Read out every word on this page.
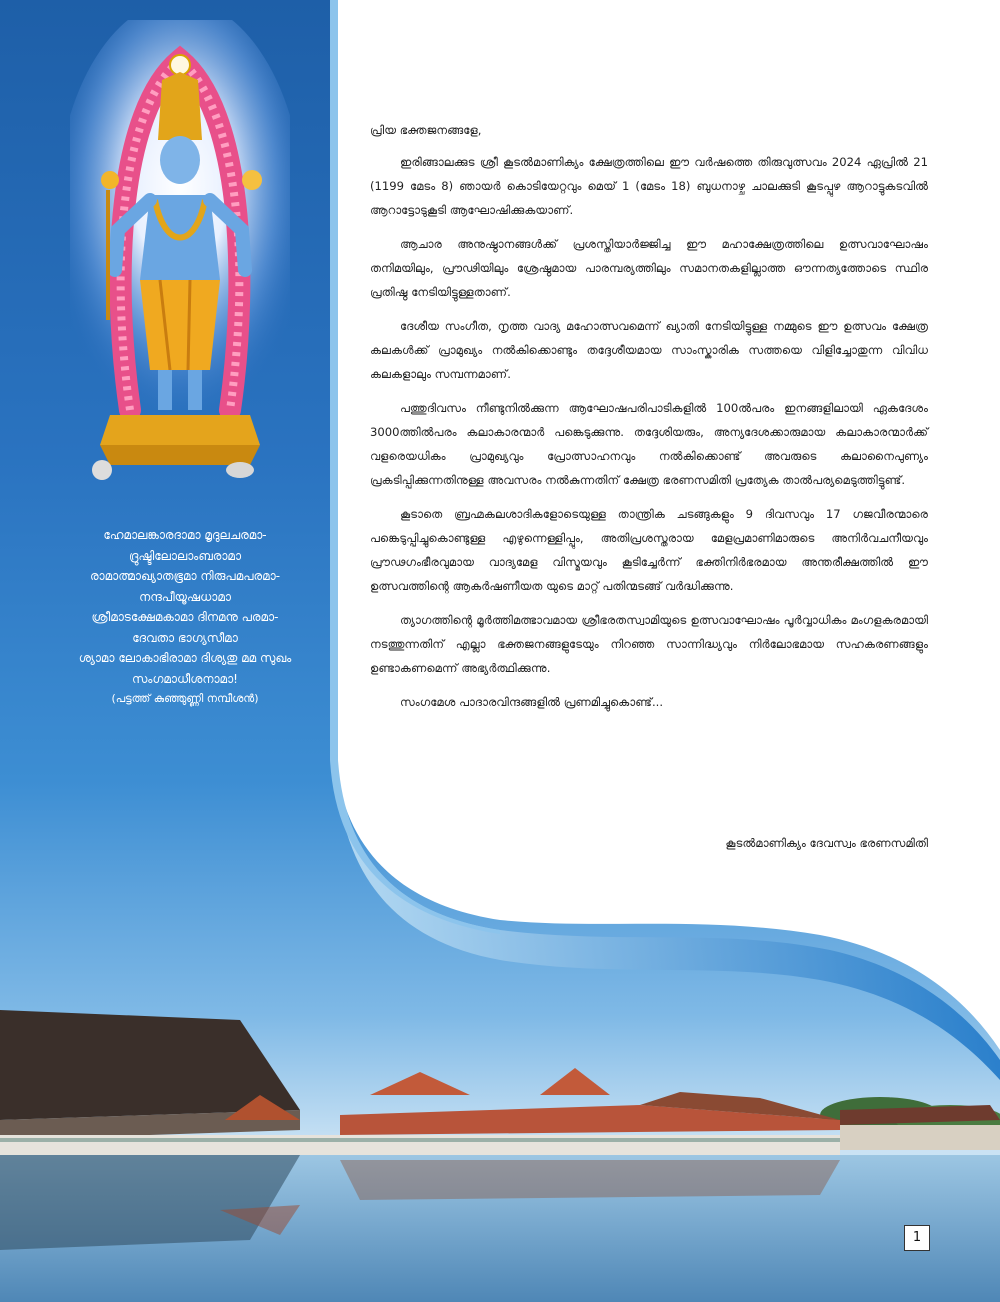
ഹേമാലങ്കാരദാമാ മൃദുലചരമാ-
ദ്രുഷ്ടിലോലാംബരാമാ
രാമാത്മാഖ്യാതഭൂമാ നിരുപമപരമാ-
നന്ദപീയൂഷധാമാ
ശ്രീമാടക്ഷേമകാമാ ദിനമനു പരമാ-
ദേവതാ ഭാഗ്യസീമാ
ശ്യാമാ ലോകാഭിരാമാ ദിശ്യതു മമ സുഖം
സംഗമാധീശനാമാ!
(പട്ടത്ത് കുഞ്ഞുണ്ണി നമ്പീശൻ)

പ്രിയ ഭക്തജനങ്ങളേ,

ഇരിങ്ങാലക്കുട ശ്രീ കൂടൽമാണിക്യം ക്ഷേത്രത്തിലെ ഈ വർഷത്തെ തിരുവുത്സവം 2024 ഏപ്രിൽ 21 (1199 മേടം 8) ഞായർ കൊടിയേറ്റവും മെയ് 1 (മേടം 18) ബുധനാഴ്ച ചാലക്കുടി കൂടപ്പുഴ ആറാട്ടുകടവിൽ ആറാട്ടോടുകൂടി ആഘോഷിക്കുകയാണ്.

ആചാര അനുഷ്ഠാനങ്ങൾക്ക് പ്രശസ്തിയാർജ്ജിച്ച ഈ മഹാക്ഷേത്രത്തിലെ ഉത്സവാഘോഷം തനിമയിലും, പ്രൗഢിയിലും ശ്രേഷ്ഠമായ പാരമ്പര്യത്തിലും സമാനതകളില്ലാത്ത ഔന്നത്യത്തോടെ സ്ഥിര പ്രതിഷ്ഠ നേടിയിട്ടുള്ളതാണ്.

ദേശീയ സംഗീത, നൃത്ത വാദ്യ മഹോത്സവമെന്ന് ഖ്യാതി നേടിയിട്ടുള്ള നമ്മുടെ ഈ ഉത്സവം ക്ഷേത്ര കലകൾക്ക് പ്രാമുഖ്യം നൽകിക്കൊണ്ടും തദ്ദേശീയമായ സാംസ്കാരിക സത്തയെ വിളിച്ചോതുന്ന വിവിധ കലകളാലും സമ്പന്നമാണ്.

പത്തുദിവസം നീണ്ടുനിൽക്കുന്ന ആഘോഷപരിപാടികളിൽ 100ൽപരം ഇനങ്ങളിലായി ഏകദേശം 3000ത്തിൽപരം കലാകാരന്മാർ പങ്കെടുക്കുന്നു. തദ്ദേശിയരും, അന്യദേശക്കാരുമായ കലാകാരന്മാർക്ക് വളരെയധികം പ്രാമുഖ്യവും പ്രോത്സാഹനവും നൽകിക്കൊണ്ട് അവരുടെ കലാനൈപുണ്യം പ്രകടിപ്പിക്കുന്നതിനുള്ള അവസരം നൽകുന്നതിന് ക്ഷേത്ര ഭരണസമിതി പ്രത്യേക താൽപര്യമെടുത്തിട്ടുണ്ട്.

കൂടാതെ ബ്രഹ്മകലശാദികളോടെയുള്ള താന്ത്രിക ചടങ്ങുകളും 9 ദിവസവും 17 ഗജവീരന്മാരെ പങ്കെടുപ്പിച്ചുകൊണ്ടുള്ള എഴുന്നെള്ളിപ്പും, അതിപ്രശസ്തരായ മേളപ്രമാണിമാരുടെ അനിർവചനീയവും പ്രൗഢഗംഭീരവുമായ വാദ്യമേള വിസ്മയവും കൂടിച്ചേർന്ന് ഭക്തിനിർഭരമായ അന്തരീക്ഷത്തിൽ ഈ ഉത്സവത്തിന്റെ ആകർഷണീയത യുടെ മാറ്റ് പതിന്മടങ്ങ് വർദ്ധിക്കുന്നു.

ത്യാഗത്തിന്റെ മൂർത്തിമത്ഭാവമായ ശ്രീഭരതസ്വാമിയുടെ ഉത്സവാഘോഷം പൂർവ്വാധികം മംഗളകരമായി നടത്തുന്നതിന് എല്ലാ ഭക്തജനങ്ങളുടേയും നിറഞ്ഞ സാന്നിദ്ധ്യവും നിർലോഭമായ സഹകരണങ്ങളും ഉണ്ടാകണമെന്ന് അഭ്യർത്ഥിക്കുന്നു.

സംഗമേശ പാദാരവിന്ദങ്ങളിൽ പ്രണമിച്ചുകൊണ്ട്...

കൂടൽമാണിക്യം ദേവസ്വം ഭരണസമിതി
1
